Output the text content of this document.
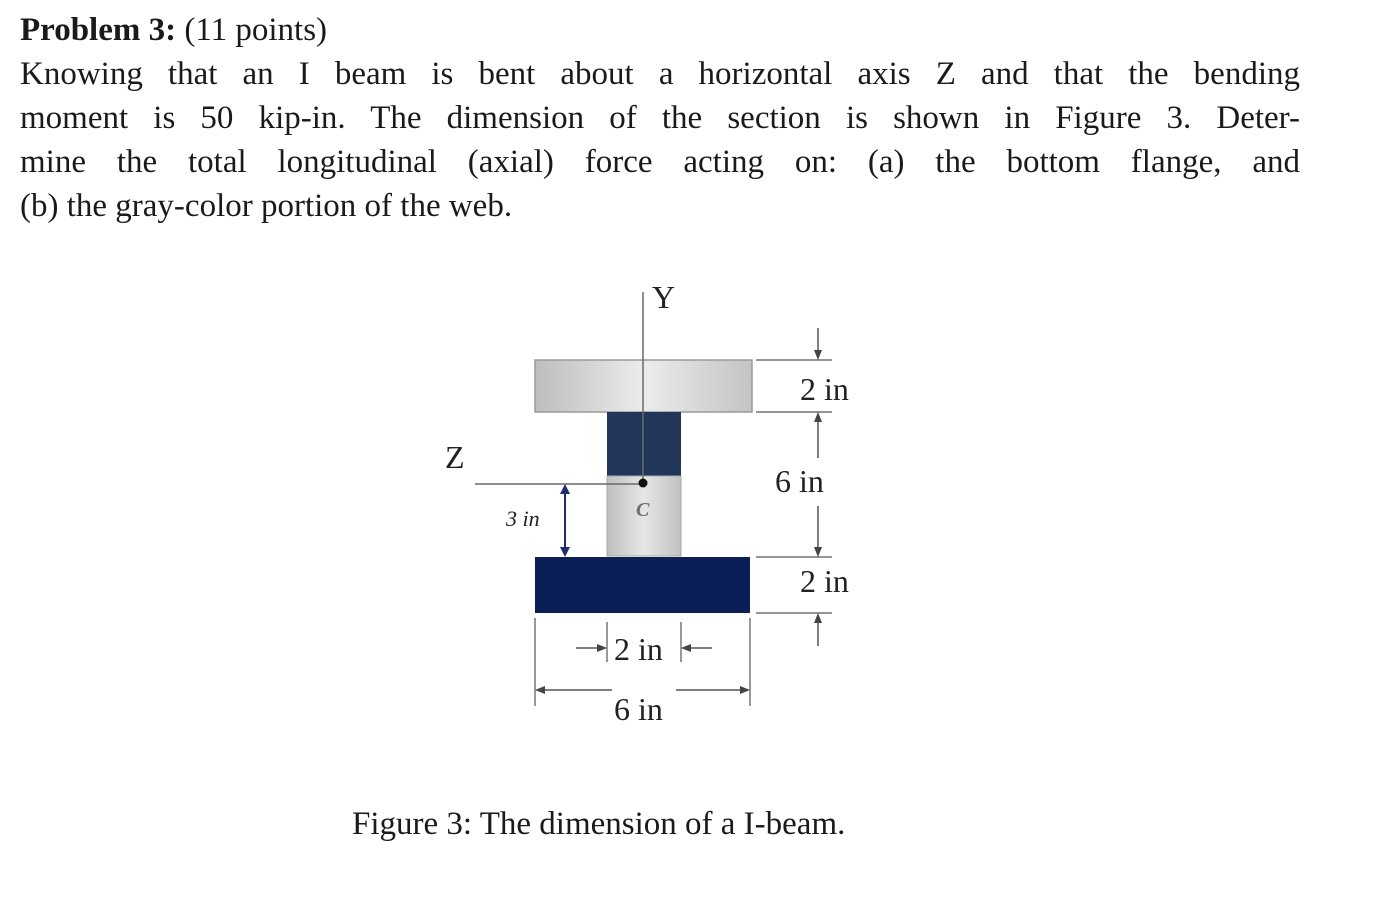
Problem 3: (11 points)
Knowing that an I beam is bent about a horizontal axis Z and that the bending
moment is 50 kip-in. The dimension of the section is shown in Figure 3. Deter-
mine the total longitudinal (axial) force acting on: (a) the bottom flange, and
(b) the gray-color portion of the web.
Y
Z
C
3 in
2 in
6 in
2 in
2 in
6 in
Figure 3: The dimension of a I-beam.
